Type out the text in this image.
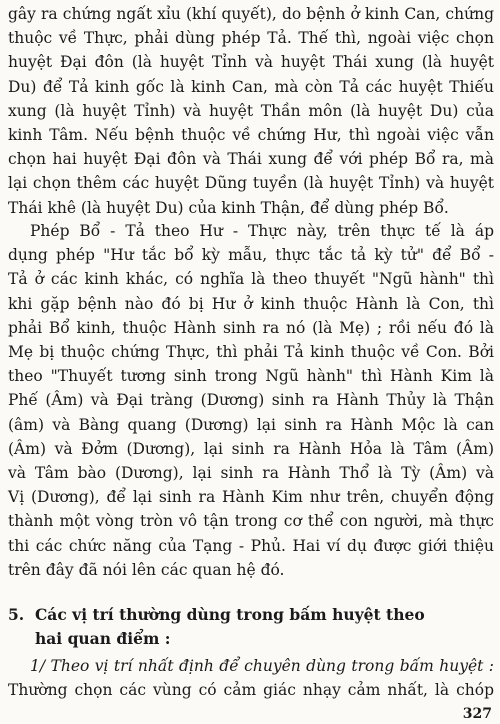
gây ra chứng ngất xỉu (khí quyết), do bệnh ở kinh Can, chứng
thuộc về Thực, phải dùng phép Tả. Thế thì, ngoài việc chọn
huyệt Đại đôn (là huyệt Tỉnh và huyệt Thái xung (là huyệt
Du) để Tả kinh gốc là kinh Can, mà còn Tả các huyệt Thiếu
xung (là huyệt Tỉnh) và huyệt Thần môn (là huyệt Du) của
kinh Tâm. Nếu bệnh thuộc về chứng Hư, thì ngoài việc vẫn
chọn hai huyệt Đại đôn và Thái xung để với phép Bổ ra, mà
lại chọn thêm các huyệt Dũng tuyền (là huyệt Tỉnh) và huyệt
Thái khê (là huyệt Du) của kinh Thận, để dùng phép Bổ.

Phép Bổ - Tả theo Hư - Thực này, trên thực tế là áp
dụng phép "Hư tắc bổ kỳ mẫu, thực tắc tả kỳ tử" để Bổ -
Tả ở các kinh khác, có nghĩa là theo thuyết "Ngũ hành" thì
khi gặp bệnh nào đó bị Hư ở kinh thuộc Hành là Con, thì
phải Bổ kinh, thuộc Hành sinh ra nó (là Mẹ) ; rồi nếu đó là
Mẹ bị thuộc chứng Thực, thì phải Tả kinh thuộc về Con. Bởi
theo "Thuyết tương sinh trong Ngũ hành" thì Hành Kim là
Phế (Âm) và Đại tràng (Dương) sinh ra Hành Thủy là Thận
(âm) và Bàng quang (Dương) lại sinh ra Hành Mộc là can
(Âm) và Đởm (Dương), lại sinh ra Hành Hỏa là Tâm (Âm)
và Tâm bào (Dương), lại sinh ra Hành Thổ là Tỳ (Âm) và
Vị (Dương), để lại sinh ra Hành Kim như trên, chuyển động
thành một vòng tròn vô tận trong cơ thể con người, mà thực
thi các chức năng của Tạng - Phủ. Hai ví dụ được giới thiệu
trên đây đã nói lên các quan hệ đó.

5.  Các vị trí thường dùng trong bấm huyệt theo

hai quan điểm :

1/ Theo vị trí nhất định để chuyên dùng trong bấm huyệt :
Thường chọn các vùng có cảm giác nhạy cảm nhất, là chóp

327
